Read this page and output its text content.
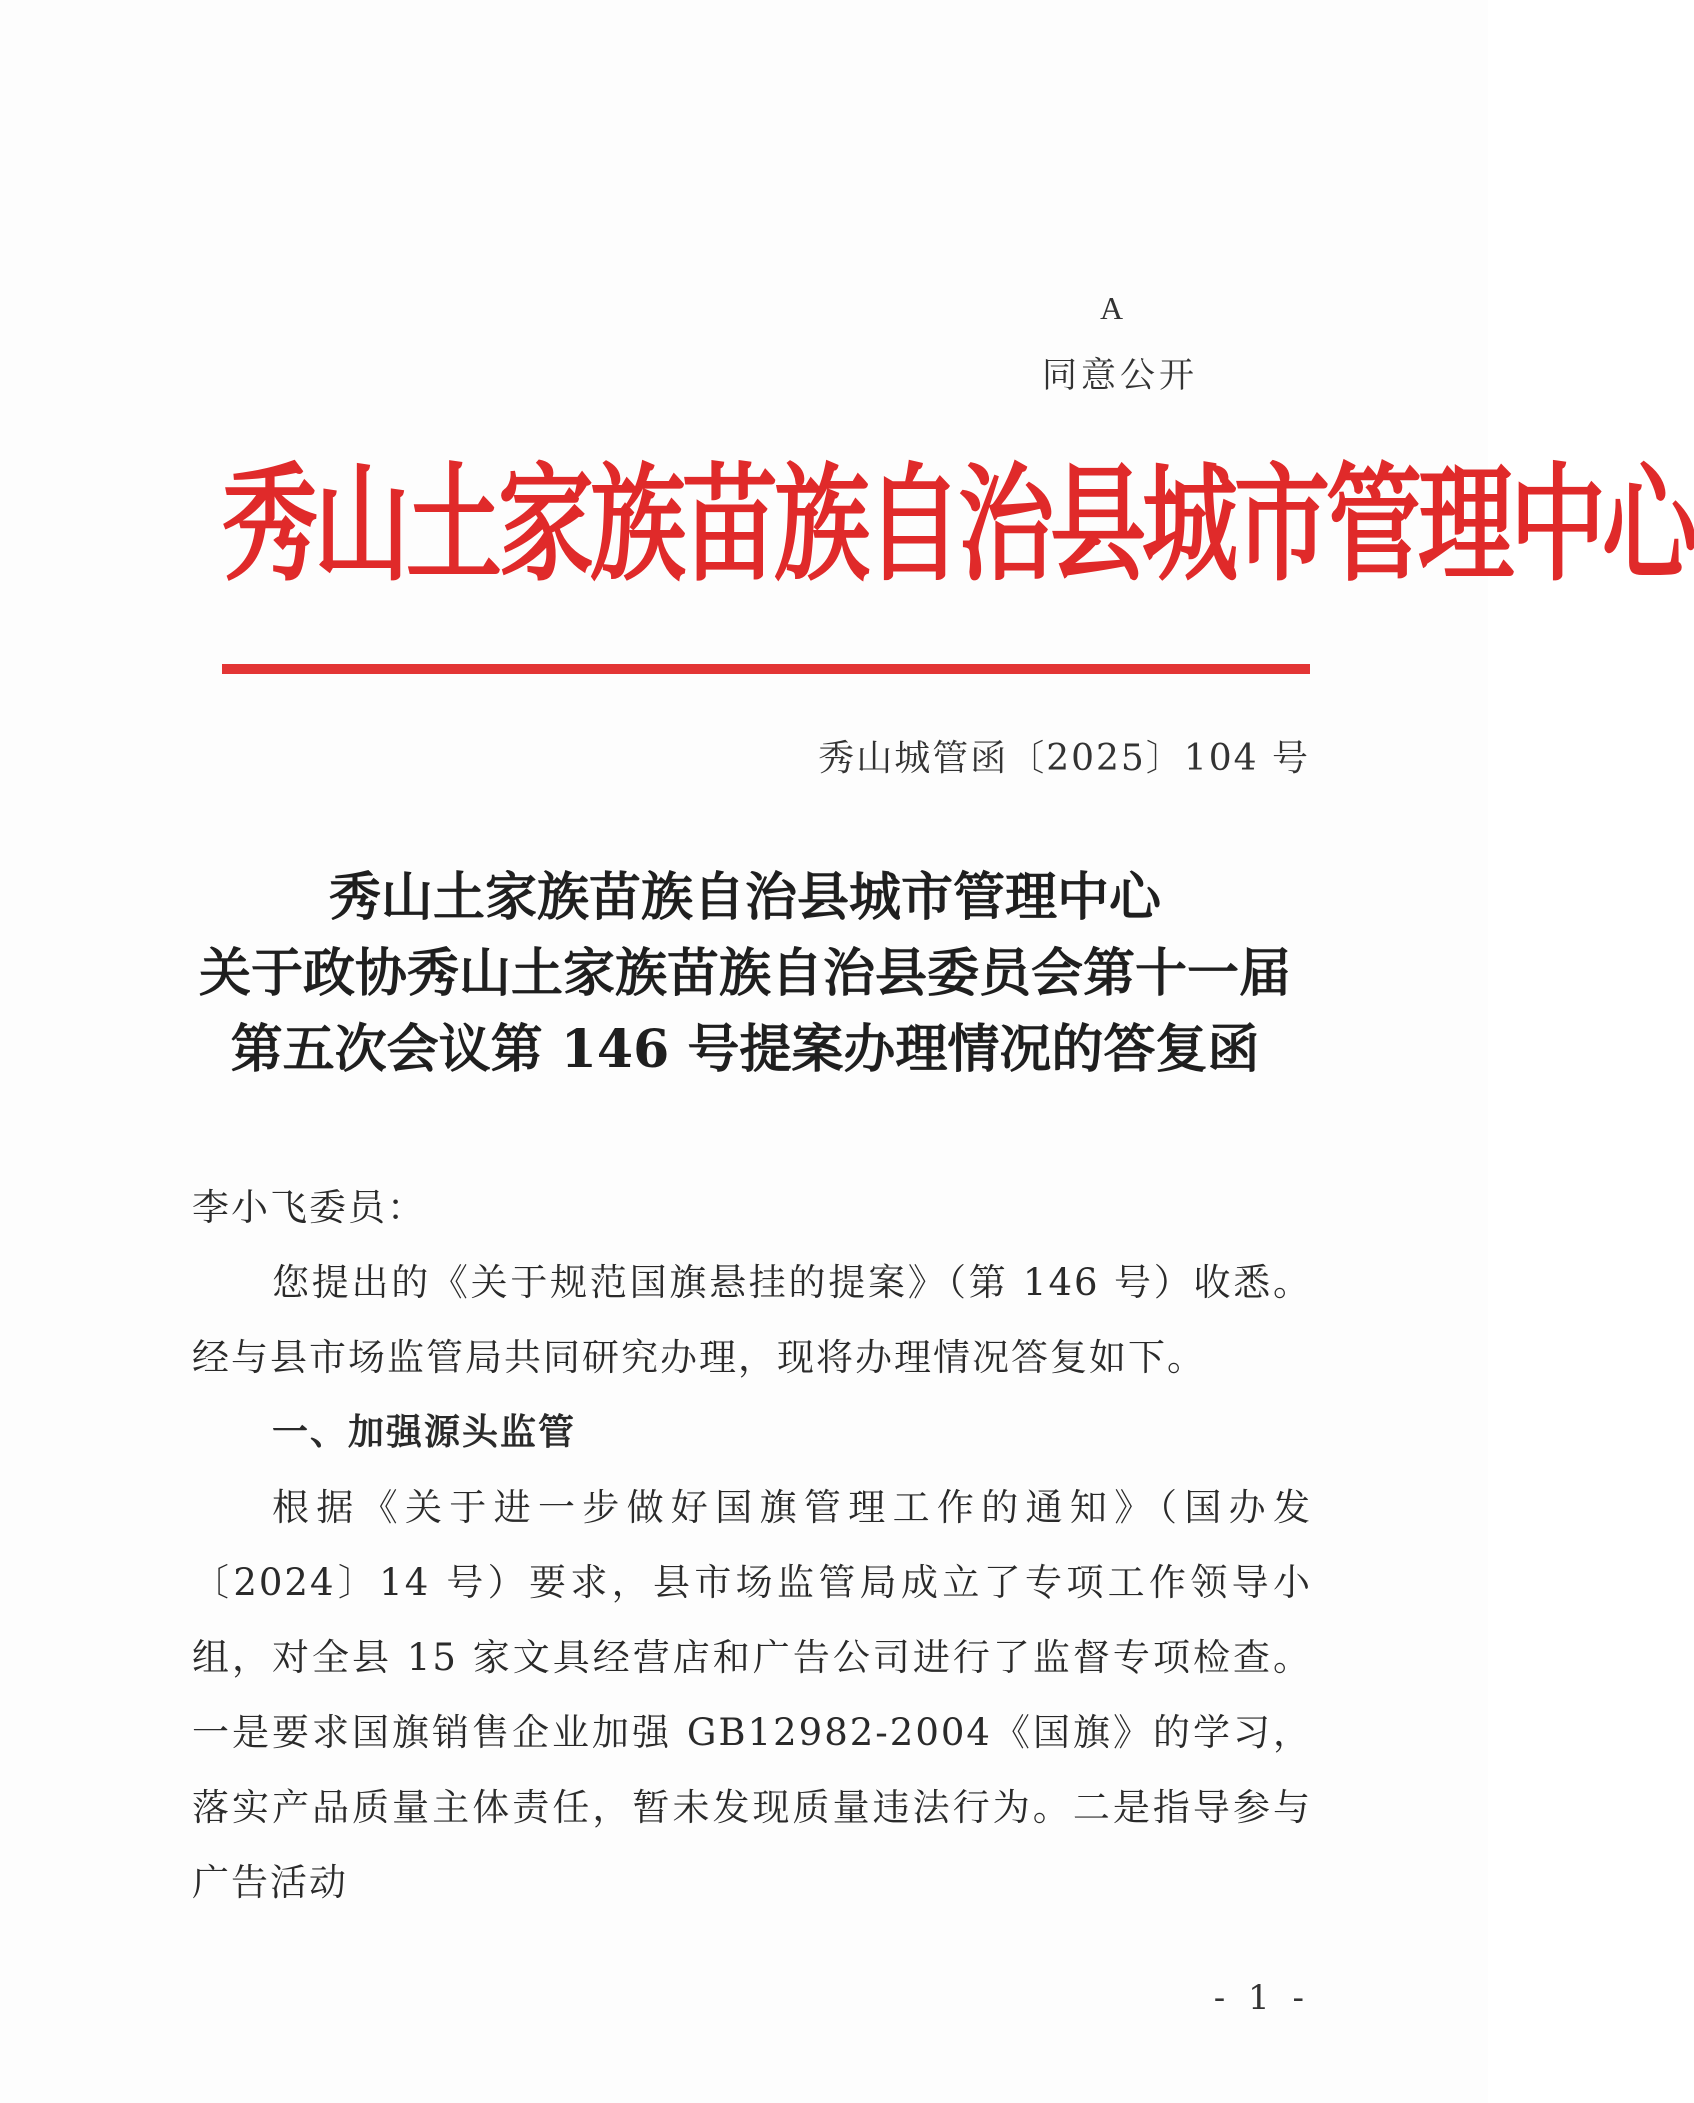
A
同意公开
秀山土家族苗族自治县城市管理中心
秀山城管函〔2025〕104 号
秀山土家族苗族自治县城市管理中心
关于政协秀山土家族苗族自治县委员会第十一届
第五次会议第 146 号提案办理情况的答复函
李小飞委员：
您提出的《关于规范国旗悬挂的提案》（第 146 号）收悉。经与县市场监管局共同研究办理，现将办理情况答复如下。
一、加强源头监管
根据《关于进一步做好国旗管理工作的通知》（国办发〔2024〕14 号）要求，县市场监管局成立了专项工作领导小组，对全县 15 家文具经营店和广告公司进行了监督专项检查。一是要求国旗销售企业加强 GB12982-2004《国旗》的学习，落实产品质量主体责任，暂未发现质量违法行为。二是指导参与广告活动
- 1 -
